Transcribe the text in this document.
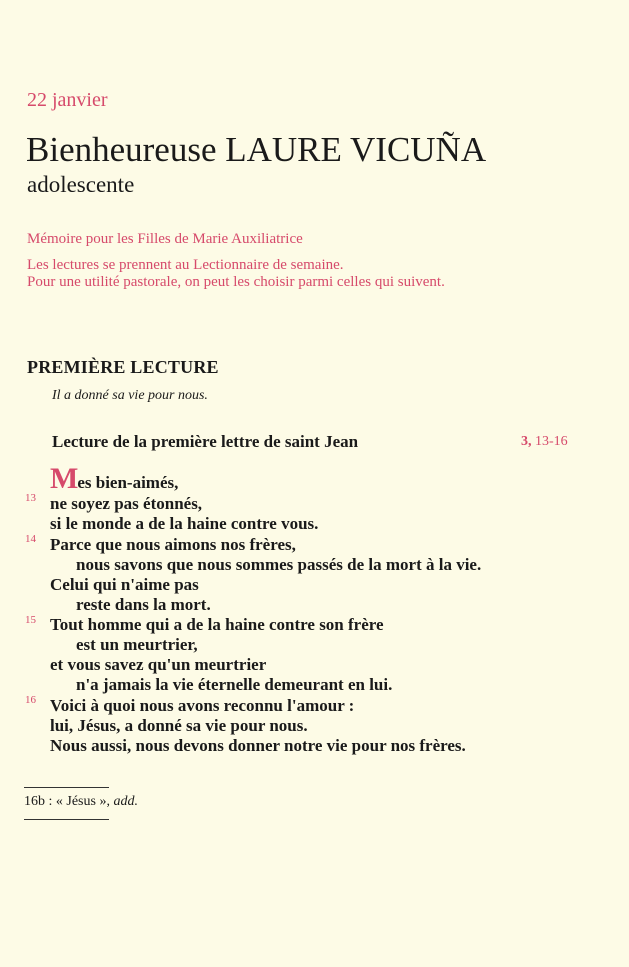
22 janvier
Bienheureuse LAURE VICUÑA
adolescente
Mémoire pour les Filles de Marie Auxiliatrice
Les lectures se prennent au Lectionnaire de semaine.
Pour une utilité pastorale, on peut les choisir parmi celles qui suivent.
PREMIÈRE LECTURE
Il a donné sa vie pour nous.
Lecture de la première lettre de saint Jean	3, 13-16
Mes bien-aimés,
13 ne soyez pas étonnés,
si le monde a de la haine contre vous.
14 Parce que nous aimons nos frères,
nous savons que nous sommes passés de la mort à la vie.
Celui qui n'aime pas
reste dans la mort.
15 Tout homme qui a de la haine contre son frère
est un meurtrier,
et vous savez qu'un meurtrier
n'a jamais la vie éternelle demeurant en lui.
16 Voici à quoi nous avons reconnu l'amour :
lui, Jésus, a donné sa vie pour nous.
Nous aussi, nous devons donner notre vie pour nos frères.
16b : « Jésus », add.
